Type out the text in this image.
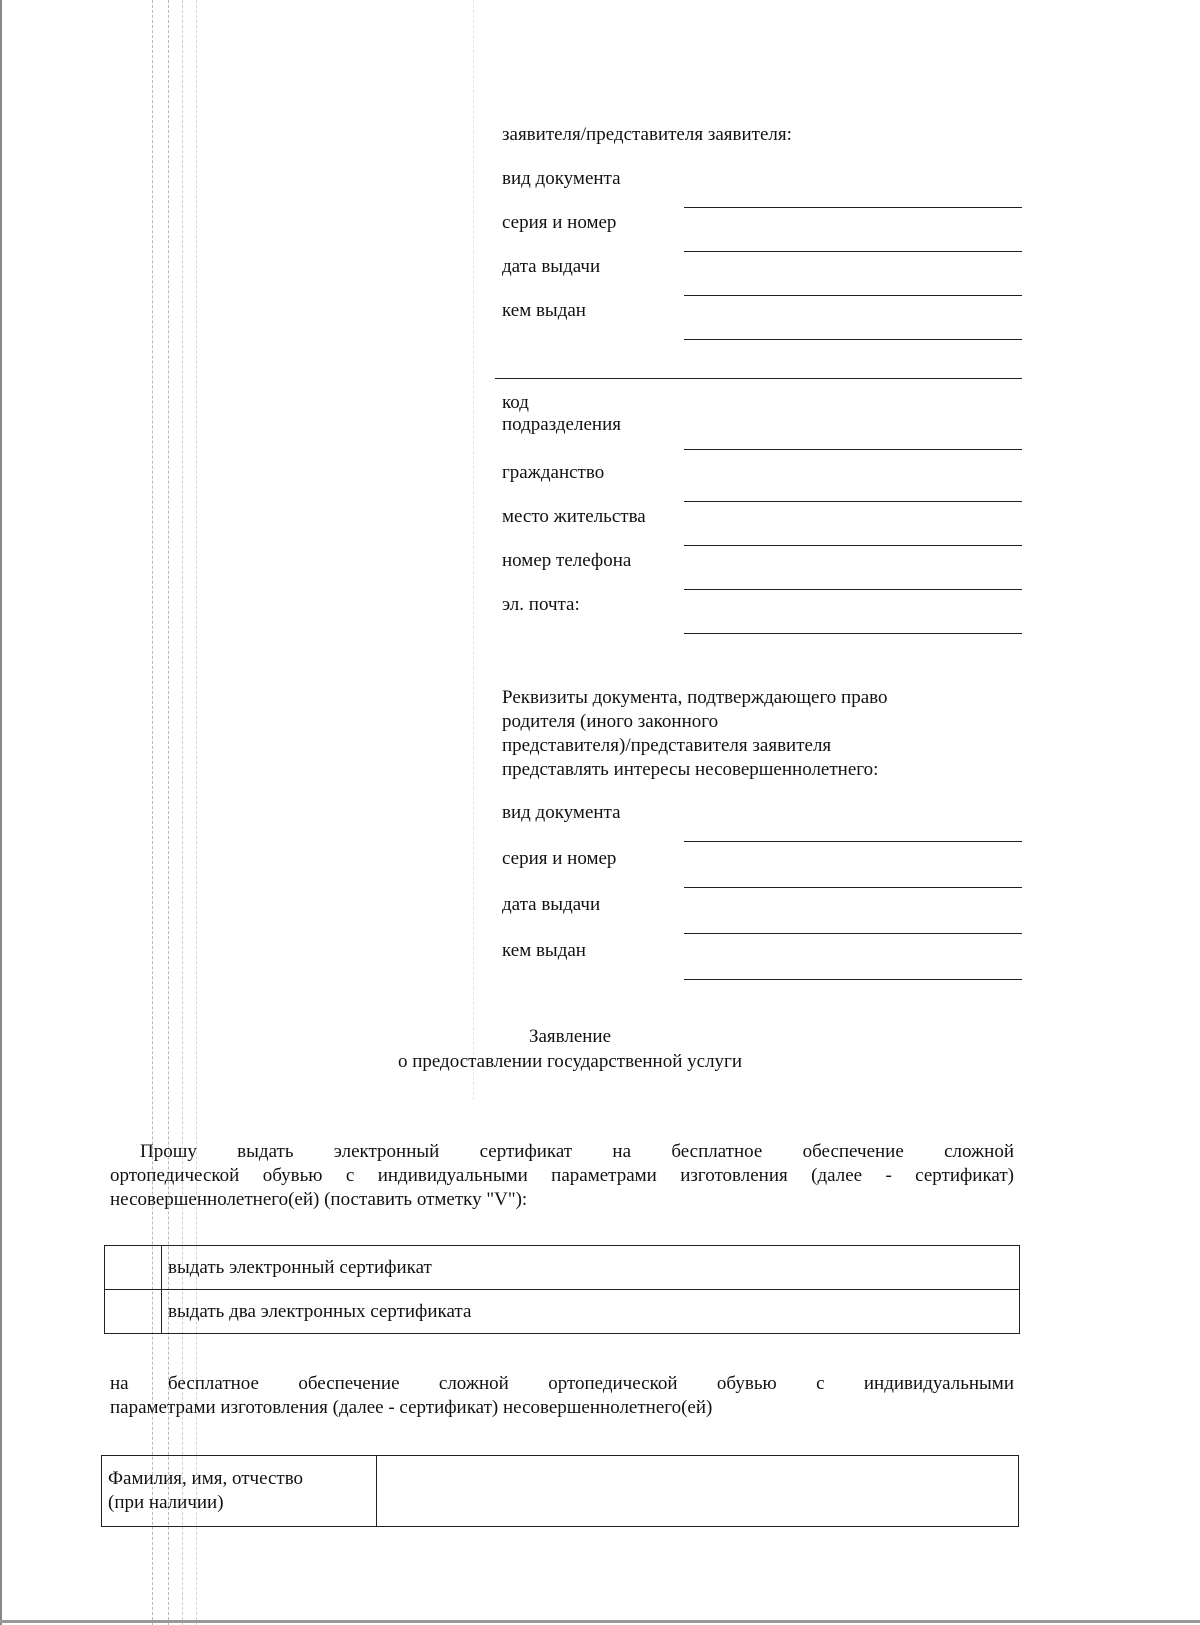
заявителя/представителя заявителя:
вид документа
серия и номер
дата выдачи
кем выдан
код
подразделения
гражданство
место жительства
номер телефона
эл. почта:
Реквизиты документа, подтверждающего право
родителя (иного законного
представителя)/представителя заявителя
представлять интересы несовершеннолетнего:
вид документа
серия и номер
дата выдачи
кем выдан
Заявление
о предоставлении государственной услуги

Прошу выдать электронный сертификат на бесплатное обеспечение сложной

ортопедической обувью с индивидуальными параметрами изготовления (далее - сертификат)

несовершеннолетнего(ей) (поставить отметку "V"):

	выдать электронный сертификат
	выдать два электронных сертификата

на бесплатное обеспечение сложной ортопедической обувью с индивидуальными

параметрами изготовления (далее - сертификат) несовершеннолетнего(ей)

Фамилия, имя, отчество
(при наличии)	
